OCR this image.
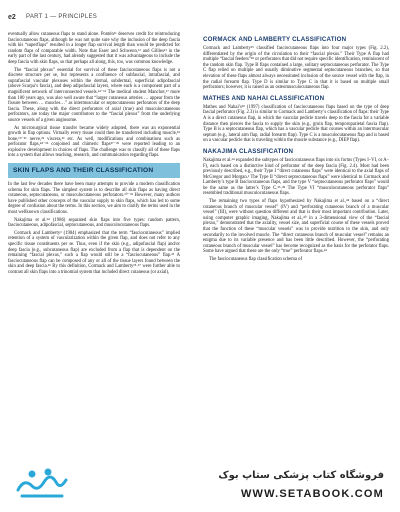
e2 PART 1 — PRINCIPLES

eventually allow cutaneous flaps to stand alone. Pontén¹¹ deserves credit for reintroducing fasciocutaneous flaps, although he was not quite sure why the inclusion of the deep fascia with his “superflaps” resulted in a longer flap survival length than would be predicted for random flaps of comparable width. Note that Esser and Schwenn,¹² and Gillies¹³ in the early part of the last century, had already suggested that it was advantageous to include the deep fascia with skin flaps, so that perhaps all along, this, too, was common knowledge.

The “fascial plexus” essential for survival of these fasciocutaneous flaps is not a discrete structure per se, but represents a confluence of subfascial, intrafascial, and suprafascial vascular plexuses within the dermal, subdermal, superficial adipofascial (above Scarpa’s fascia), and deep adipofascial layers, where each is a component part of a magnificent network of interconnected vessels.¹⁴⁻¹⁶ The medical student Manchot,¹⁷ more than 100 years ago, was also well aware that “larger cutaneous arteries … appear from the fissure between … muscles…” as intermuscular or septocutaneous perforators of the deep fascia. These, along with the direct perforators of axial (true) and musculocutaneous perforators, are today the major contributors to the “fascial plexus” from the underlying source vessels of a given angiosome.

As microsurgical tissue transfer became widely adopted, there was an exponential growth in flap options. Virtually every tissue could then be transferred including muscle,¹⁸ bone,¹⁹⁻²¹ nerve,²² viscera,²³ etc. As well, modifications and combinations such as perforator flaps,²⁴⁻²⁶ conjoined and chimeric flaps²⁷⁻²⁹ were reported leading to an explosive development in choices of flaps. The challenge was to classify all of these flaps into a system that allows teaching, research, and communication regarding flaps.

SKIN FLAPS AND THEIR CLASSIFICATION

In the last few decades there have been many attempts to provide a modern classification schema for skin flaps. The simplest system is to describe all skin flaps as having direct cutaneous, septocutaneous, or musculocutaneous perforators.³⁰⁻³³ However, many authors have published other concepts of the vascular supply to skin flaps, which has led to some degree of confusion about the terms. In this section, we aim to clarify the terms used in the most wellknown classifications.

Nakajima et al.³⁴ (1986) separated skin flaps into five types: random pattern, fasciocutaneous, adipofascial, septocutaneous, and musculocutaneous flaps.

Cormack and Lamberty³ (1984) emphasized that the term “fasciocutaneous” implied retention of a system of vascularization within the given flap, and does not refer to any specific tissue constituents per se. Thus, even if the skin (e.g., adipofascial flap) and/or deep fascia (e.g., subcutaneous flap) are excluded from a flap that is dependent on the remaining “fascial plexus,” such a flap would still be a “fasciocutaneous” flap.³⁵ A fasciocutaneous flap can be composed of any or all of the tissue layers found between the skin and deep fascia.³⁶ By this definition, Cormack and Lamberty³⁵˒³⁷ were further able to contrast all skin flaps into a trinomial system that included direct cutaneous (or axial),

CORMACK AND LAMBERTY CLASSIFICATION

Cormack and Lamberty³⁵ classified fasciocutaneous flaps into four major types (Fig. 2.2), differentiated by the origin of the circulation to their “fascial plexus.” Their Type A flap had multiple “fascial feeders”³⁸ or perforators that did not require specific identification, reminiscent of the random skin flap. Type B flaps contained a large, solitary septocutaneous perforator. The Type C flap relied on multiple and usually diminutive segmental septocutaneous branches, so that elevation of these flaps almost always necessitated inclusion of the source vessel with the flap, in the radial forearm flap. Type D is similar to Type C in that it is based on multiple small perforators; however, it is raised as an osteomusculocutaneous flap.

MATHES AND NAHAI CLASSIFICATION

Mathes and Nahai’s³⁹ (1997) classification of fasciocutaneous flaps based on the type of deep fascial perforator (Fig. 2.3) is similar to Cormack and Lamberty’s classification of flaps: their Type A is a direct cutaneous flap, in which the vascular pedicle travels deep to the fascia for a variable distance then pierces the fascia to supply the skin (e.g., groin flap, temporoparietal fascia flap). Type B is a septocutaneous flap, which has a vascular pedicle that courses within an intermuscular septum (e.g., lateral arm flap, radial forearm flap). Type C is a musculocutaneous flap and is based on a vascular pedicle that is traveling within the muscle substance (e.g., DIEP flap).

NAKAJIMA CLASSIFICATION

Nakajima et al.³⁴ expanded the subtypes of fasciocutaneous flaps into six forms (Types I–VI, or A–F), each based on a distinctive kind of perforator of the deep fascia (Fig. 2.4). Most had been previously described, e.g., their Type I “direct cutaneous flaps” were identical to the axial flaps of McGregor and Morgan.¹ The Type II “direct septocutaneous flaps” were identical to Cormack and Lamberty’s type B fasciocutaneous flaps, and the type V “septocutaneous perforator flaps” would be the same as the latter’s Type C.³⁵˒³⁸ The Type VI “musculocutaneous perforator flaps” resembled traditional musculocutaneous flaps.

The remaining two types of flaps hypothesized by Nakajima et al.,³⁴ based on a “direct cutaneous branch of muscular vessel” (IV) and “perforating cutaneous branch of a muscular vessel” (III), were without question different and that is their most important contribution. Later, using computer graphic imaging, Nakajima et al.,⁴⁰ in a 3-dimensional view of the “fascial plexus,” demonstrated that the axiality, vessel size, and superficial course of these vessels proved that the function of these “muscular vessels” was to provide nutrition to the skin, and only secondarily to the involved muscle. The “direct cutaneous branch of muscular vessel” remains an enigma due to its variable presence and has been little described. However, the “perforating cutaneous branch of muscular vessel” has become recognized as the basis for the perforator flaps. Some have argued that these are the only “true” perforator flaps.⁴¹

The fasciocutaneous flap classification schema of

فروشگاه کتاب پزشکی ستاپ بوک
WWW.SETABOOK.COM
